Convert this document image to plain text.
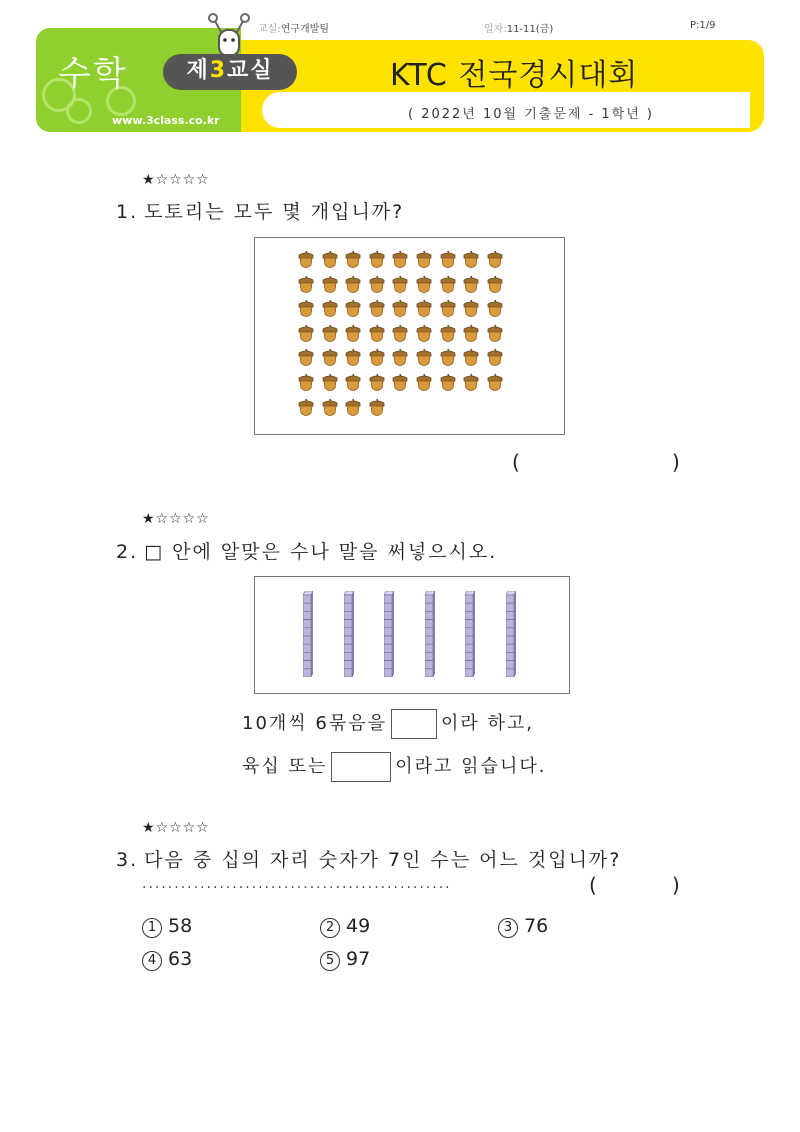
교실:연구개발팀	일자:11-11(금)	P:1/9
수학	제3교실
www.3class.co.kr
KTC 전국경시대회
( 2022년 10월 기출문제 - 1학년 )
★☆☆☆☆
1. 도토리는 모두 몇 개입니까?
(	)
★☆☆☆☆
2. □ 안에 알맞은 수나 말을 써넣으시오.
10개씩 6묶음을	이라 하고,
육십 또는	이라고 읽습니다.
★☆☆☆☆
3. 다음 중 십의 자리 숫자가 7인 수는 어느 것입니까?
................................................	(	)
1 58	2 49	3 76
4 63	5 97
